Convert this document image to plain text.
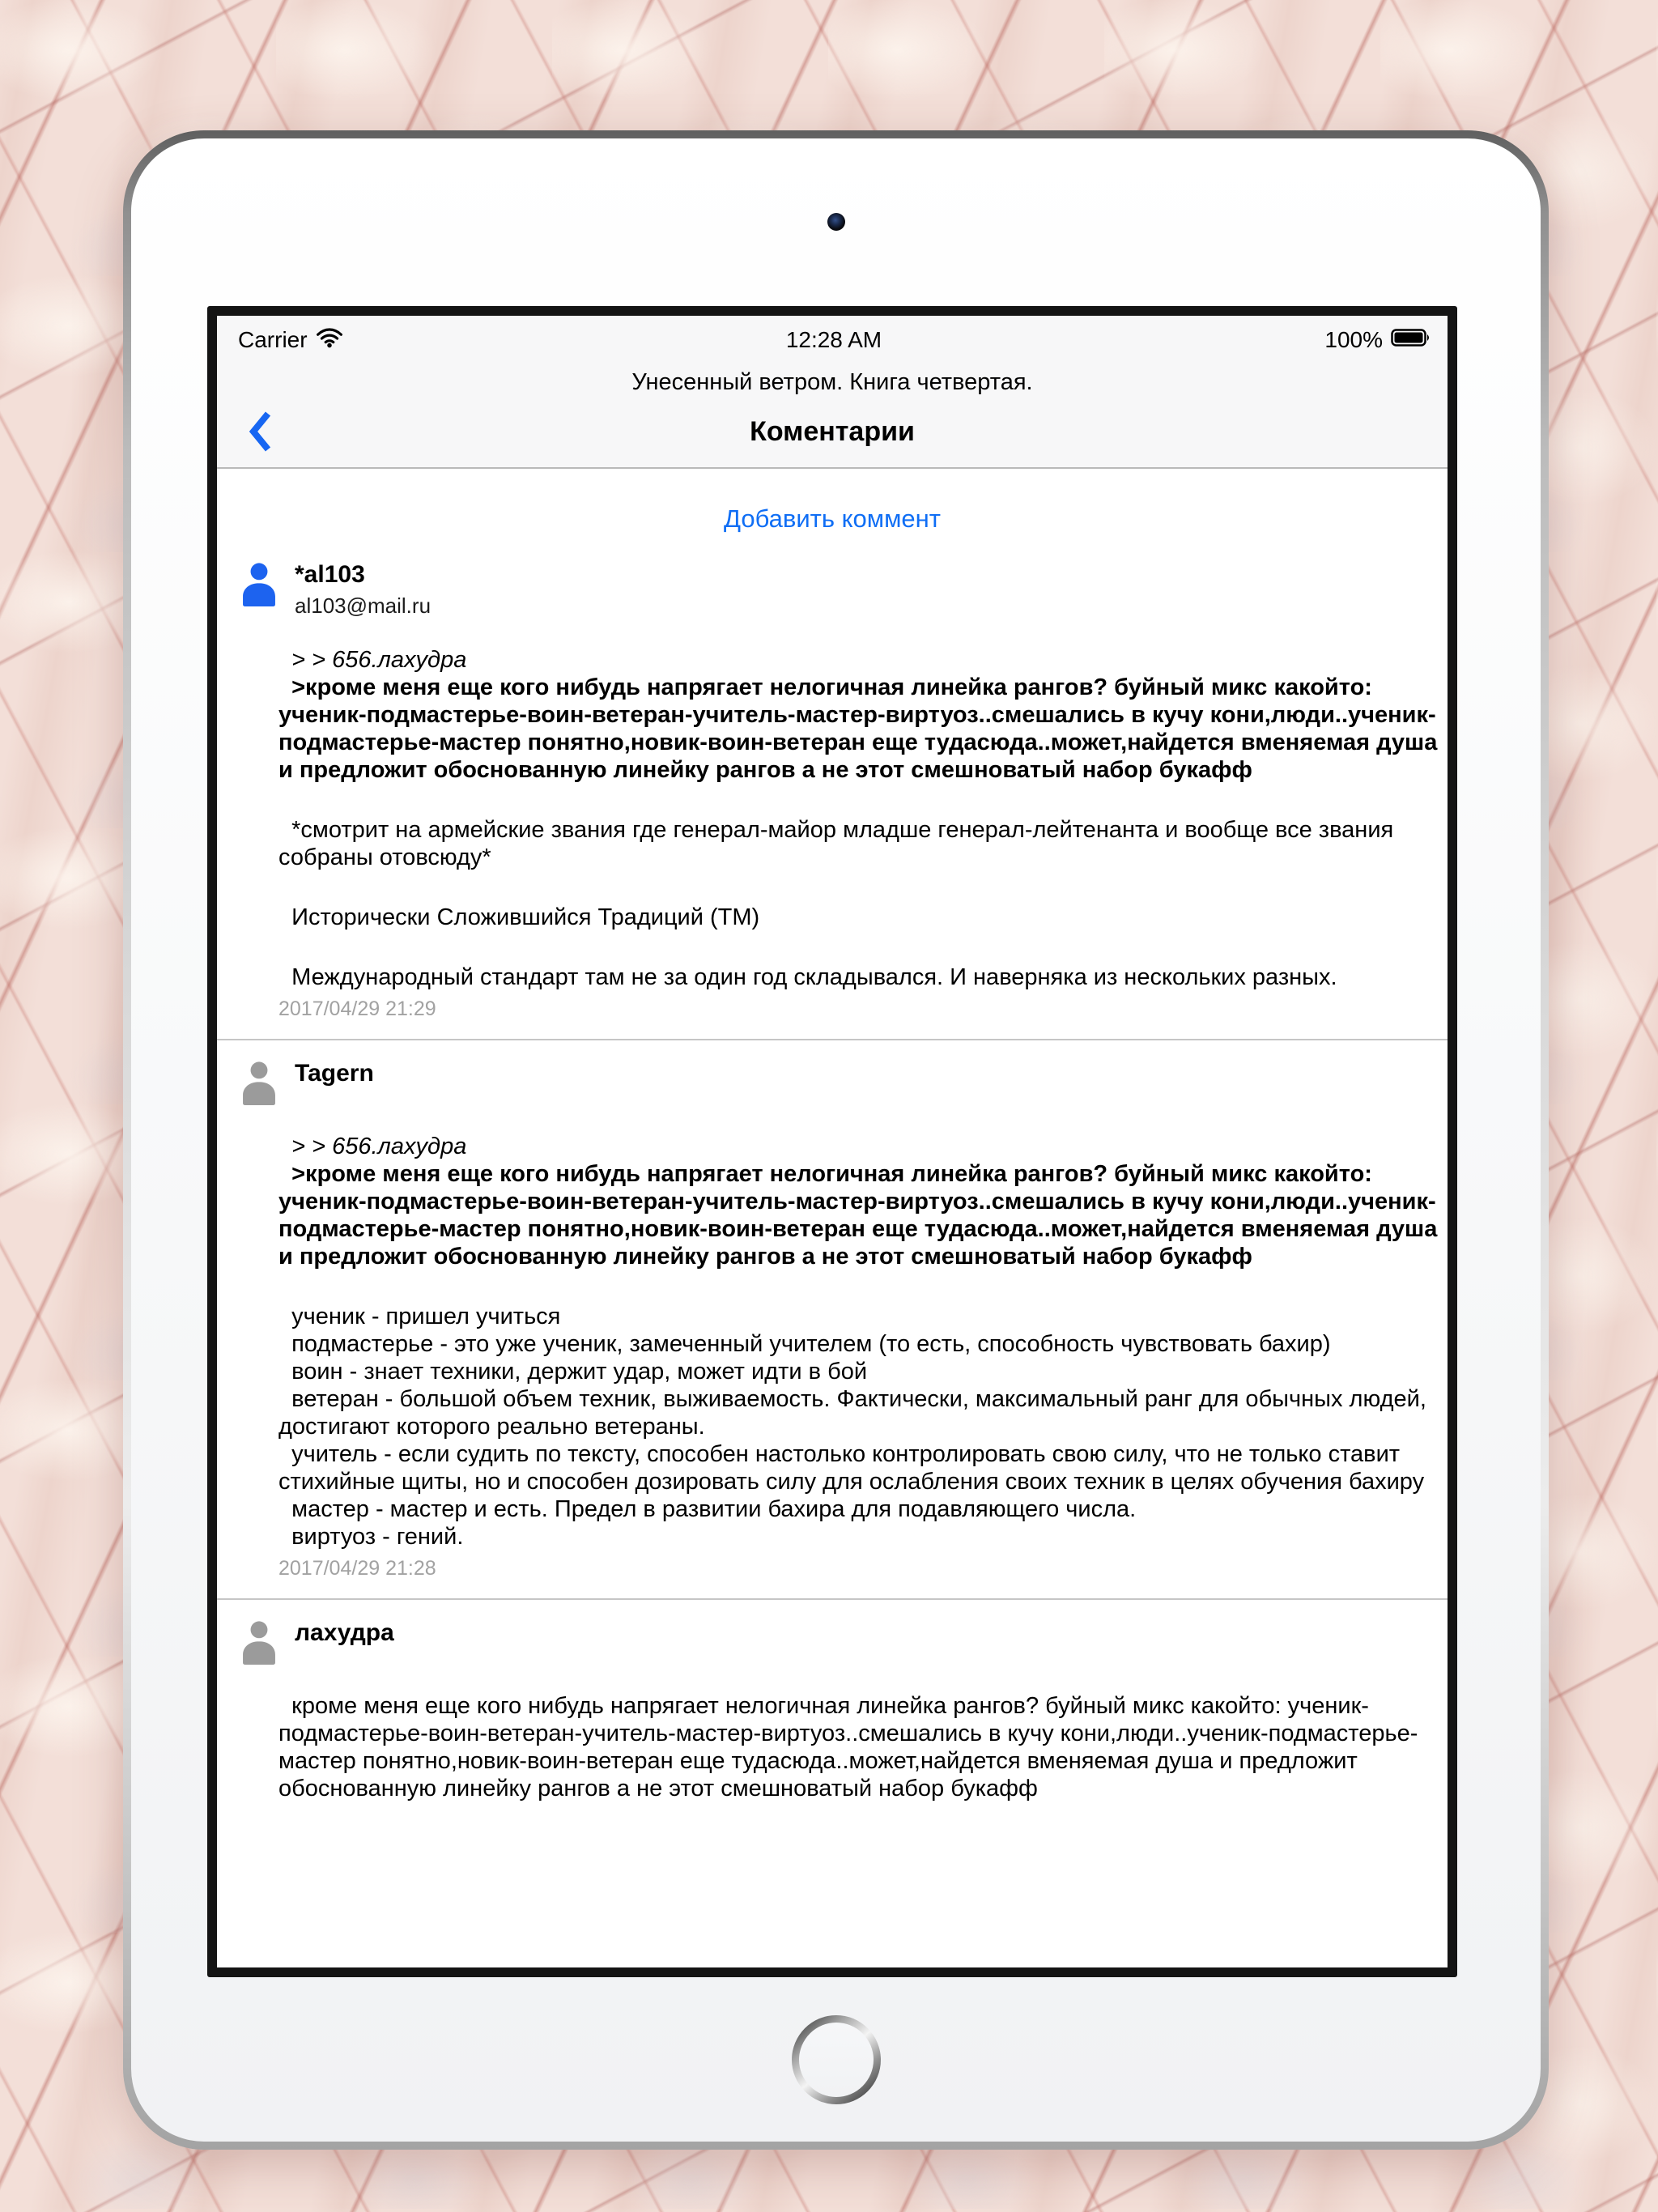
Carrier	12:28 AM	100%
Унесенный ветром. Книга четвертая.
Коментарии
Добавить коммент
*al103
al103@mail.ru
> > 656.лахудра
>кроме меня еще кого нибудь напрягает нелогичная линейка рангов? буйный микс какойто: ученик-подмастерье-воин-ветеран-учитель-мастер-виртуоз..смешались в кучу кони,люди..ученик-подмастерье-мастер понятно,новик-воин-ветеран еще тудасюда..может,найдется вменяемая душа и предложит обоснованную линейку рангов а не этот смешноватый набор букафф
*смотрит на армейские звания где генерал-майор младше генерал-лейтенанта и вообще все звания собраны отовсюду*
Исторически Сложившийся Традиций (ТМ)
Международный стандарт там не за один год складывался. И наверняка из нескольких разных.
2017/04/29 21:29
Tagern
> > 656.лахудра
>кроме меня еще кого нибудь напрягает нелогичная линейка рангов? буйный микс какойто: ученик-подмастерье-воин-ветеран-учитель-мастер-виртуоз..смешались в кучу кони,люди..ученик-подмастерье-мастер понятно,новик-воин-ветеран еще тудасюда..может,найдется вменяемая душа и предложит обоснованную линейку рангов а не этот смешноватый набор букафф
ученик - пришел учиться
подмастерье - это уже ученик, замеченный учителем (то есть, способность чувствовать бахир)
воин - знает техники, держит удар, может идти в бой
ветеран - большой объем техник, выживаемость. Фактически, максимальный ранг для обычных людей, достигают которого реально ветераны.
учитель - если судить по тексту, способен настолько контролировать свою силу, что не только ставит стихийные щиты, но и способен дозировать силу для ослабления своих техник в целях обучения бахиру
мастер - мастер и есть. Предел в развитии бахира для подавляющего числа.
виртуоз - гений.
2017/04/29 21:28
лахудра
кроме меня еще кого нибудь напрягает нелогичная линейка рангов? буйный микс какойто: ученик-подмастерье-воин-ветеран-учитель-мастер-виртуоз..смешались в кучу кони,люди..ученик-подмастерье-мастер понятно,новик-воин-ветеран еще тудасюда..может,найдется вменяемая душа и предложит обоснованную линейку рангов а не этот смешноватый набор букафф
